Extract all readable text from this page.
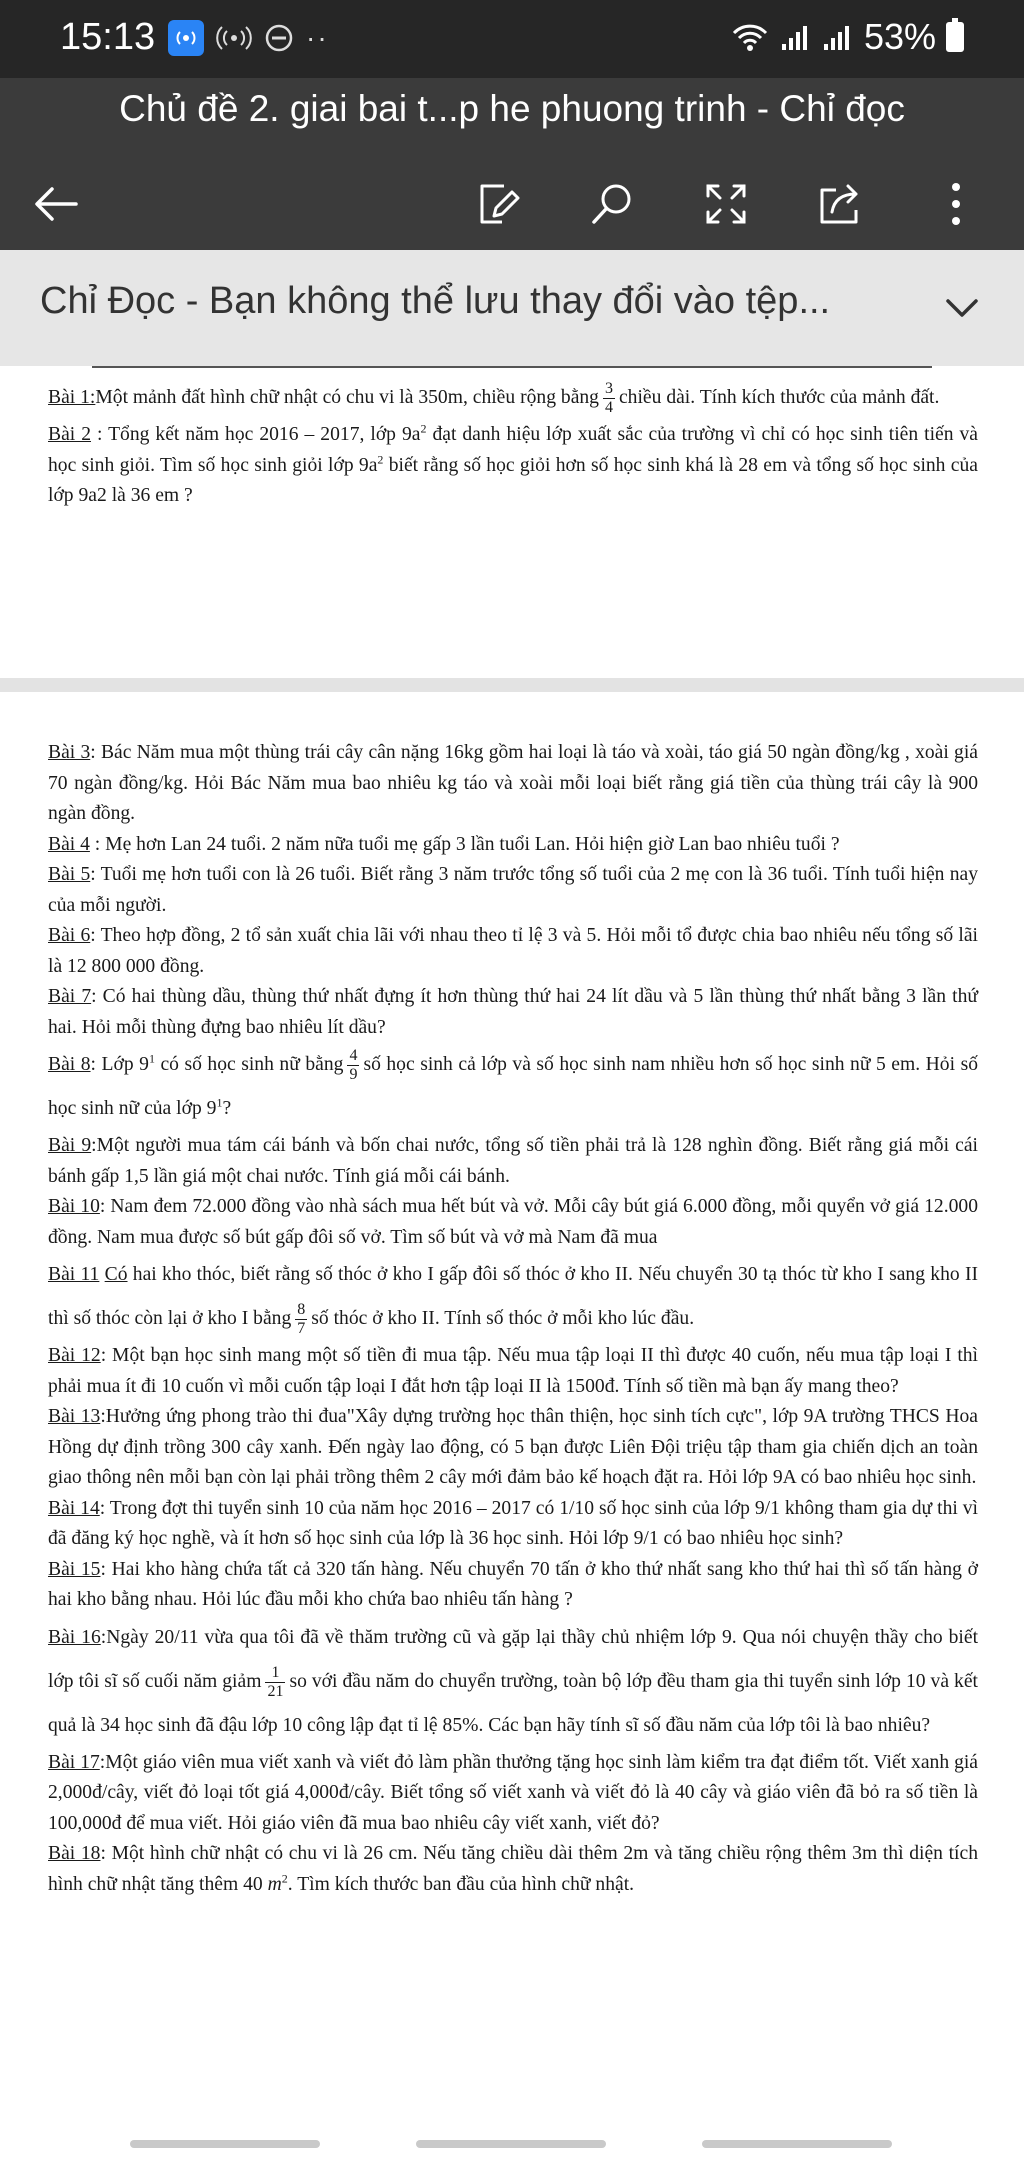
15:13	··	53%
Chủ đề 2. giai bai t...p he phuong trinh - Chỉ đọc
Chỉ Đọc - Bạn không thể lưu thay đổi vào tệp...

Bài 1:Một mảnh đất hình chữ nhật có chu vi là 350m, chiều rộng bằng $\frac{3}{4}$ chiều dài. Tính kích thước của mảnh đất.

Bài 2 : Tổng kết năm học 2016 – 2017, lớp $9a^2$ đạt danh hiệu lớp xuất sắc của trường vì chỉ có học sinh tiên tiến và học sinh giỏi. Tìm số học sinh giỏi lớp $9a^2$ biết rằng số học giỏi hơn số học sinh khá là 28 em và tổng số học sinh của lớp 9a2 là 36 em ?

Bài 3: Bác Năm mua một thùng trái cây cân nặng 16kg gồm hai loại là táo và xoài, táo giá 50 ngàn đồng/kg , xoài giá 70 ngàn đồng/kg. Hỏi Bác Năm mua bao nhiêu kg táo và xoài mỗi loại biết rằng giá tiền của thùng trái cây là 900 ngàn đồng.

Bài 4 : Mẹ hơn Lan 24 tuổi. 2 năm nữa tuổi mẹ gấp 3 lần tuổi Lan. Hỏi hiện giờ Lan bao nhiêu tuổi ?

Bài 5: Tuổi mẹ hơn tuổi con là 26 tuổi. Biết rằng 3 năm trước tổng số tuổi của 2 mẹ con là 36 tuổi. Tính tuổi hiện nay của mỗi người.

Bài 6: Theo hợp đồng, 2 tổ sản xuất chia lãi với nhau theo tỉ lệ 3 và 5. Hỏi mỗi tổ được chia bao nhiêu nếu tổng số lãi là 12 800 000 đồng.

Bài 7: Có hai thùng dầu, thùng thứ nhất đựng ít hơn thùng thứ hai 24 lít dầu và 5 lần thùng thứ nhất bằng 3 lần thứ hai. Hỏi mỗi thùng đựng bao nhiêu lít dầu?

Bài 8: Lớp $9^1$ có số học sinh nữ bằng $\frac{4}{9}$ số học sinh cả lớp và số học sinh nam nhiều hơn số học sinh nữ 5 em. Hỏi số học sinh nữ của lớp $9^1$?

Bài 9:Một người mua tám cái bánh và bốn chai nước, tổng số tiền phải trả là 128 nghìn đồng. Biết rằng giá mỗi cái bánh gấp 1,5 lần giá một chai nước. Tính giá mỗi cái bánh.

Bài 10: Nam đem 72.000 đồng vào nhà sách mua hết bút và vở. Mỗi cây bút giá 6.000 đồng, mỗi quyển vở giá 12.000 đồng. Nam mua được số bút gấp đôi số vở. Tìm số bút và vở mà Nam đã mua

Bài 11 Có hai kho thóc, biết rằng số thóc ở kho I gấp đôi số thóc ở kho II. Nếu chuyển 30 tạ thóc từ kho I sang kho II thì số thóc còn lại ở kho I bằng $\frac{8}{7}$ số thóc ở kho II. Tính số thóc ở mỗi kho lúc đầu.

Bài 12: Một bạn học sinh mang một số tiền đi mua tập. Nếu mua tập loại II thì được 40 cuốn, nếu mua tập loại I thì phải mua ít đi 10 cuốn vì mỗi cuốn tập loại I đắt hơn tập loại II là 1500đ. Tính số tiền mà bạn ấy mang theo?

Bài 13:Hưởng ứng phong trào thi đua"Xây dựng trường học thân thiện, học sinh tích cực", lớp 9A trường THCS Hoa Hồng dự định trồng 300 cây xanh. Đến ngày lao động, có 5 bạn được Liên Đội triệu tập tham gia chiến dịch an toàn giao thông nên mỗi bạn còn lại phải trồng thêm 2 cây mới đảm bảo kế hoạch đặt ra. Hỏi lớp 9A có bao nhiêu học sinh.

Bài 14: Trong đợt thi tuyển sinh 10 của năm học 2016 – 2017 có 1/10 số học sinh của lớp 9/1 không tham gia dự thi vì đã đăng ký học nghề, và ít hơn số học sinh của lớp là 36 học sinh. Hỏi lớp 9/1 có bao nhiêu học sinh?

Bài 15: Hai kho hàng chứa tất cả 320 tấn hàng. Nếu chuyển 70 tấn ở kho thứ nhất sang kho thứ hai thì số tấn hàng ở hai kho bằng nhau. Hỏi lúc đầu mỗi kho chứa bao nhiêu tấn hàng ?

Bài 16:Ngày 20/11 vừa qua tôi đã về thăm trường cũ và gặp lại thầy chủ nhiệm lớp 9. Qua nói chuyện thầy cho biết lớp tôi sĩ số cuối năm giảm $\frac{1}{21}$ so với đầu năm do chuyển trường, toàn bộ lớp đều tham gia thi tuyển sinh lớp 10 và kết quả là 34 học sinh đã đậu lớp 10 công lập đạt tỉ lệ 85%. Các bạn hãy tính sĩ số đầu năm của lớp tôi là bao nhiêu?

Bài 17:Một giáo viên mua viết xanh và viết đỏ làm phần thưởng tặng học sinh làm kiểm tra đạt điểm tốt. Viết xanh giá 2,000đ/cây, viết đỏ loại tốt giá 4,000đ/cây. Biết tổng số viết xanh và viết đỏ là 40 cây và giáo viên đã bỏ ra số tiền là 100,000đ để mua viết. Hỏi giáo viên đã mua bao nhiêu cây viết xanh, viết đỏ?

Bài 18: Một hình chữ nhật có chu vi là 26 cm. Nếu tăng chiều dài thêm 2m và tăng chiều rộng thêm 3m thì diện tích hình chữ nhật tăng thêm 40 $m^2$. Tìm kích thước ban đầu của hình chữ nhật.
